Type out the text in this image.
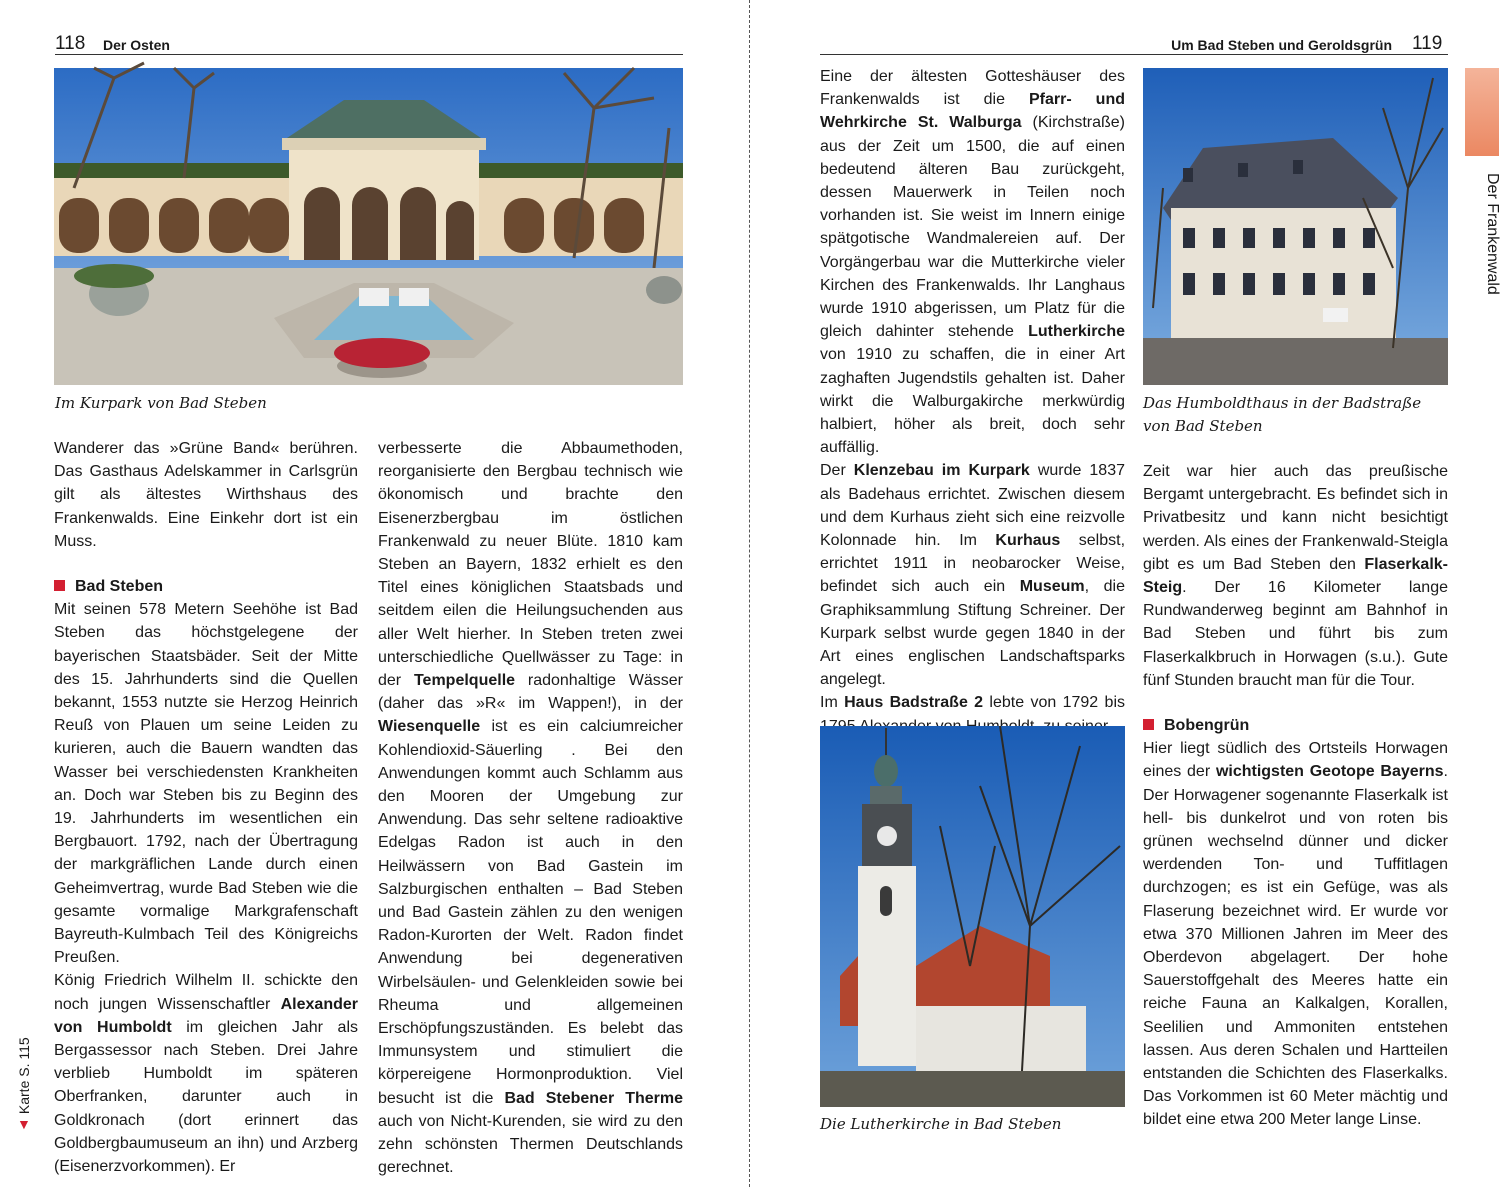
118 Der Osten
Im Kurpark von Bad Steben

Wanderer das »Grüne Band« berühren. Das Gasthaus Adelskammer in Carlsgrün gilt als ältestes Wirthshaus des Frankenwalds. Eine Einkehr dort ist ein Muss.

Bad Steben

Mit seinen 578 Metern Seehöhe ist Bad Steben das höchstgelegene der bayerischen Staatsbäder. Seit der Mitte des 15. Jahrhunderts sind die Quellen bekannt, 1553 nutzte sie Herzog Heinrich Reuß von Plauen um seine Leiden zu kurieren, auch die Bauern wandten das Wasser bei verschiedensten Krankheiten an. Doch war Steben bis zu Beginn des 19. Jahrhunderts im wesentlichen ein Bergbauort. 1792, nach der Übertragung der markgräflichen Lande durch einen Geheimvertrag, wurde Bad Steben wie die gesamte vormalige Markgrafenschaft Bayreuth-Kulmbach Teil des Königreichs Preußen.

König Friedrich Wilhelm II. schickte den noch jungen Wissenschaftler Alexander von Humboldt im gleichen Jahr als Bergassessor nach Steben. Drei Jahre verblieb Humboldt im späteren Oberfranken, darunter auch in Goldkronach (dort erinnert das Goldbergbaumuseum an ihn) und Arzberg (Eisenerzvorkommen). Er

verbesserte die Abbaumethoden, reorganisierte den Bergbau technisch wie ökonomisch und brachte den Eisenerzbergbau im östlichen Frankenwald zu neuer Blüte. 1810 kam Steben an Bayern, 1832 erhielt es den Titel eines königlichen Staatsbads und seitdem eilen die Heilungsuchenden aus aller Welt hierher. In Steben treten zwei unterschiedliche Quellwässer zu Tage: in der Tempelquelle radonhaltige Wässer (daher das »R« im Wappen!), in der Wiesenquelle ist es ein calciumreicher Kohlendioxid-Säuerling . Bei den Anwendungen kommt auch Schlamm aus den Mooren der Umgebung zur Anwendung. Das sehr seltene radioaktive Edelgas Radon ist auch in den Heilwässern von Bad Gastein im Salzburgischen enthalten – Bad Steben und Bad Gastein zählen zu den wenigen Radon-Kurorten der Welt. Radon findet Anwendung bei degenerativen Wirbelsäulen- und Gelenkleiden sowie bei Rheuma und allgemeinen Erschöpfungszuständen. Es belebt das Immunsystem und stimuliert die körpereigene Hormonproduktion. Viel besucht ist die Bad Stebener Therme auch von Nicht-Kurenden, sie wird zu den zehn schönsten Thermen Deutschlands gerechnet.

▲ Karte S. 115
Um Bad Steben und Geroldsgrün 119
Der Frankenwald

Eine der ältesten Gotteshäuser des Frankenwalds ist die Pfarr- und Wehrkirche St. Walburga (Kirchstraße) aus der Zeit um 1500, die auf einen bedeutend älteren Bau zurückgeht, dessen Mauerwerk in Teilen noch vorhanden ist. Sie weist im Innern einige spätgotische Wandmalereien auf. Der Vorgängerbau war die Mutterkirche vieler Kirchen des Frankenwalds. Ihr Langhaus wurde 1910 abgerissen, um Platz für die gleich dahinter stehende Lutherkirche von 1910 zu schaffen, die in einer Art zaghaften Jugendstils gehalten ist. Daher wirkt die Walburgakirche merkwürdig halbiert, höher als breit, doch sehr auffällig.

Der Klenzebau im Kurpark wurde 1837 als Badehaus errichtet. Zwischen diesem und dem Kurhaus zieht sich eine reizvolle Kolonnade hin. Im Kurhaus selbst, errichtet 1911 in neobarocker Weise, befindet sich auch ein Museum, die Graphiksammlung Stiftung Schreiner. Der Kurpark selbst wurde gegen 1840 in der Art eines englischen Landschaftsparks angelegt.

Im Haus Badstraße 2 lebte von 1792 bis

Das Humboldthaus in der Badstraße von Bad Steben

Zeit war hier auch das preußische Bergamt untergebracht. Es befindet sich in Privatbesitz und kann nicht besichtigt werden. Als eines der Frankenwald-Steigla gibt es um Bad Steben den Flaserkalk-Steig. Der 16 Kilometer lange Rundwanderweg beginnt am Bahnhof in Bad Steben und führt bis zum Flaserkalkbruch in Horwagen (s.u.). Gute fünf Stunden braucht man für die Tour.

Bobengrün

Hier liegt südlich des Ortsteils Horwagen eines der wichtigsten Geotope Bayerns. Der Horwagener sogenannte Flaserkalk ist hell- bis dunkelrot und von roten bis grünen wechselnd dünner und dicker werdenden Ton- und Tuffitlagen durchzogen; es ist ein Gefüge, was als Flaserung bezeichnet wird. Er wurde vor etwa 370 Millionen Jahren im Meer des Oberdevon abgelagert. Der hohe Sauerstoffgehalt des Meeres hatte ein reiche Fauna an Kalkalgen, Korallen, Seelilien und Ammoniten entstehen lassen. Aus deren Schalen und Hartteilen entstanden die Schichten des Flaserkalks. Das Vorkommen ist 60 Meter mächtig und bildet eine etwa 200 Meter lange Linse.

Die Lutherkirche in Bad Steben
